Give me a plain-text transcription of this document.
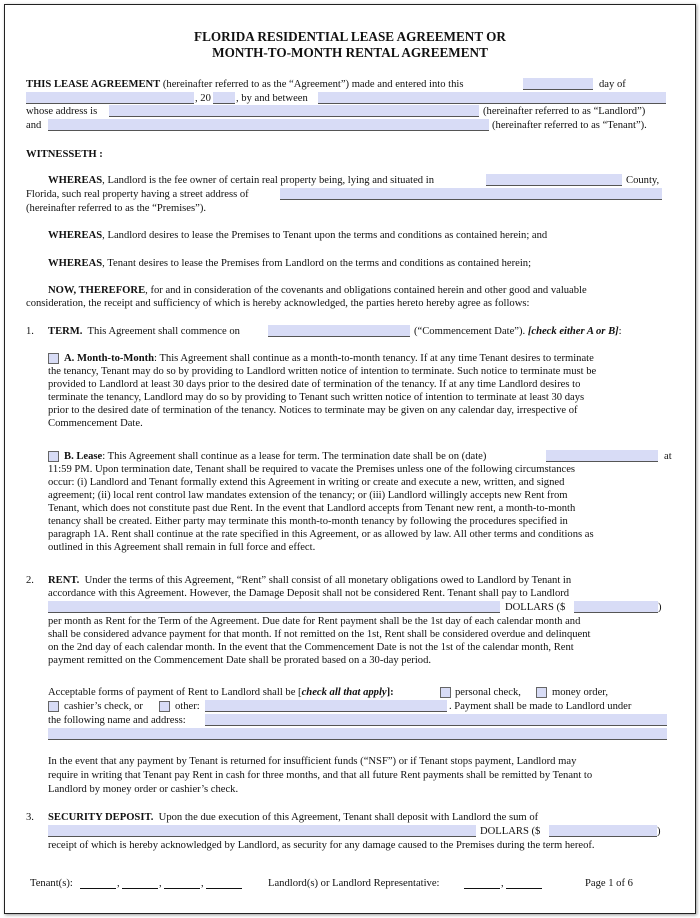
FLORIDA RESIDENTIAL LEASE AGREEMENT OR
MONTH-TO-MONTH RENTAL AGREEMENT
THIS LEASE AGREEMENT (hereinafter referred to as the “Agreement”) made and entered into this	day of
, 20 , by and between
whose address is	(hereinafter referred to as “Landlord”)
and	(hereinafter referred to as “Tenant”).
WITNESSETH :
WHEREAS, Landlord is the fee owner of certain real property being, lying and situated in	County,
Florida, such real property having a street address of
(hereinafter referred to as the “Premises”).
WHEREAS, Landlord desires to lease the Premises to Tenant upon the terms and conditions as contained herein; and
WHEREAS, Tenant desires to lease the Premises from Landlord on the terms and conditions as contained herein;
NOW, THEREFORE, for and in consideration of the covenants and obligations contained herein and other good and valuable
consideration, the receipt and sufficiency of which is hereby acknowledged, the parties hereto hereby agree as follows:
1. TERM. This Agreement shall commence on	(“Commencement Date”). [check either A or B]:
A. Month-to-Month: This Agreement shall continue as a month-to-month tenancy. If at any time Tenant desires to terminate
the tenancy, Tenant may do so by providing to Landlord written notice of intention to terminate. Such notice to terminate must be
provided to Landlord at least 30 days prior to the desired date of termination of the tenancy. If at any time Landlord desires to
terminate the tenancy, Landlord may do so by providing to Tenant such written notice of intention to terminate at least 30 days
prior to the desired date of termination of the tenancy. Notices to terminate may be given on any calendar day, irrespective of
Commencement Date.
B. Lease: This Agreement shall continue as a lease for term. The termination date shall be on (date)	at
11:59 PM. Upon termination date, Tenant shall be required to vacate the Premises unless one of the following circumstances
occur: (i) Landlord and Tenant formally extend this Agreement in writing or create and execute a new, written, and signed
agreement; (ii) local rent control law mandates extension of the tenancy; or (iii) Landlord willingly accepts new Rent from
Tenant, which does not constitute past due Rent. In the event that Landlord accepts from Tenant new rent, a month-to-month
tenancy shall be created. Either party may terminate this month-to-month tenancy by following the procedures specified in
paragraph 1A. Rent shall continue at the rate specified in this Agreement, or as allowed by law. All other terms and conditions as
outlined in this Agreement shall remain in full force and effect.
2. RENT. Under the terms of this Agreement, “Rent” shall consist of all monetary obligations owed to Landlord by Tenant in
accordance with this Agreement. However, the Damage Deposit shall not be considered Rent. Tenant shall pay to Landlord
DOLLARS ($	)
per month as Rent for the Term of the Agreement. Due date for Rent payment shall be the 1st day of each calendar month and
shall be considered advance payment for that month. If not remitted on the 1st, Rent shall be considered overdue and delinquent
on the 2nd day of each calendar month. In the event that the Commencement Date is not the 1st of the calendar month, Rent
payment remitted on the Commencement Date shall be prorated based on a 30-day period.
Acceptable forms of payment of Rent to Landlord shall be [check all that apply]:	personal check,	money order,
cashier’s check, or	other:	. Payment shall be made to Landlord under
the following name and address:
In the event that any payment by Tenant is returned for insufficient funds (“NSF”) or if Tenant stops payment, Landlord may
require in writing that Tenant pay Rent in cash for three months, and that all future Rent payments shall be remitted by Tenant to
Landlord by money order or cashier’s check.
3. SECURITY DEPOSIT. Upon the due execution of this Agreement, Tenant shall deposit with Landlord the sum of
DOLLARS ($	)
receipt of which is hereby acknowledged by Landlord, as security for any damage caused to the Premises during the term hereof.
Tenant(s):	,	,	,	Landlord(s) or Landlord Representative:	,	Page 1 of 6
